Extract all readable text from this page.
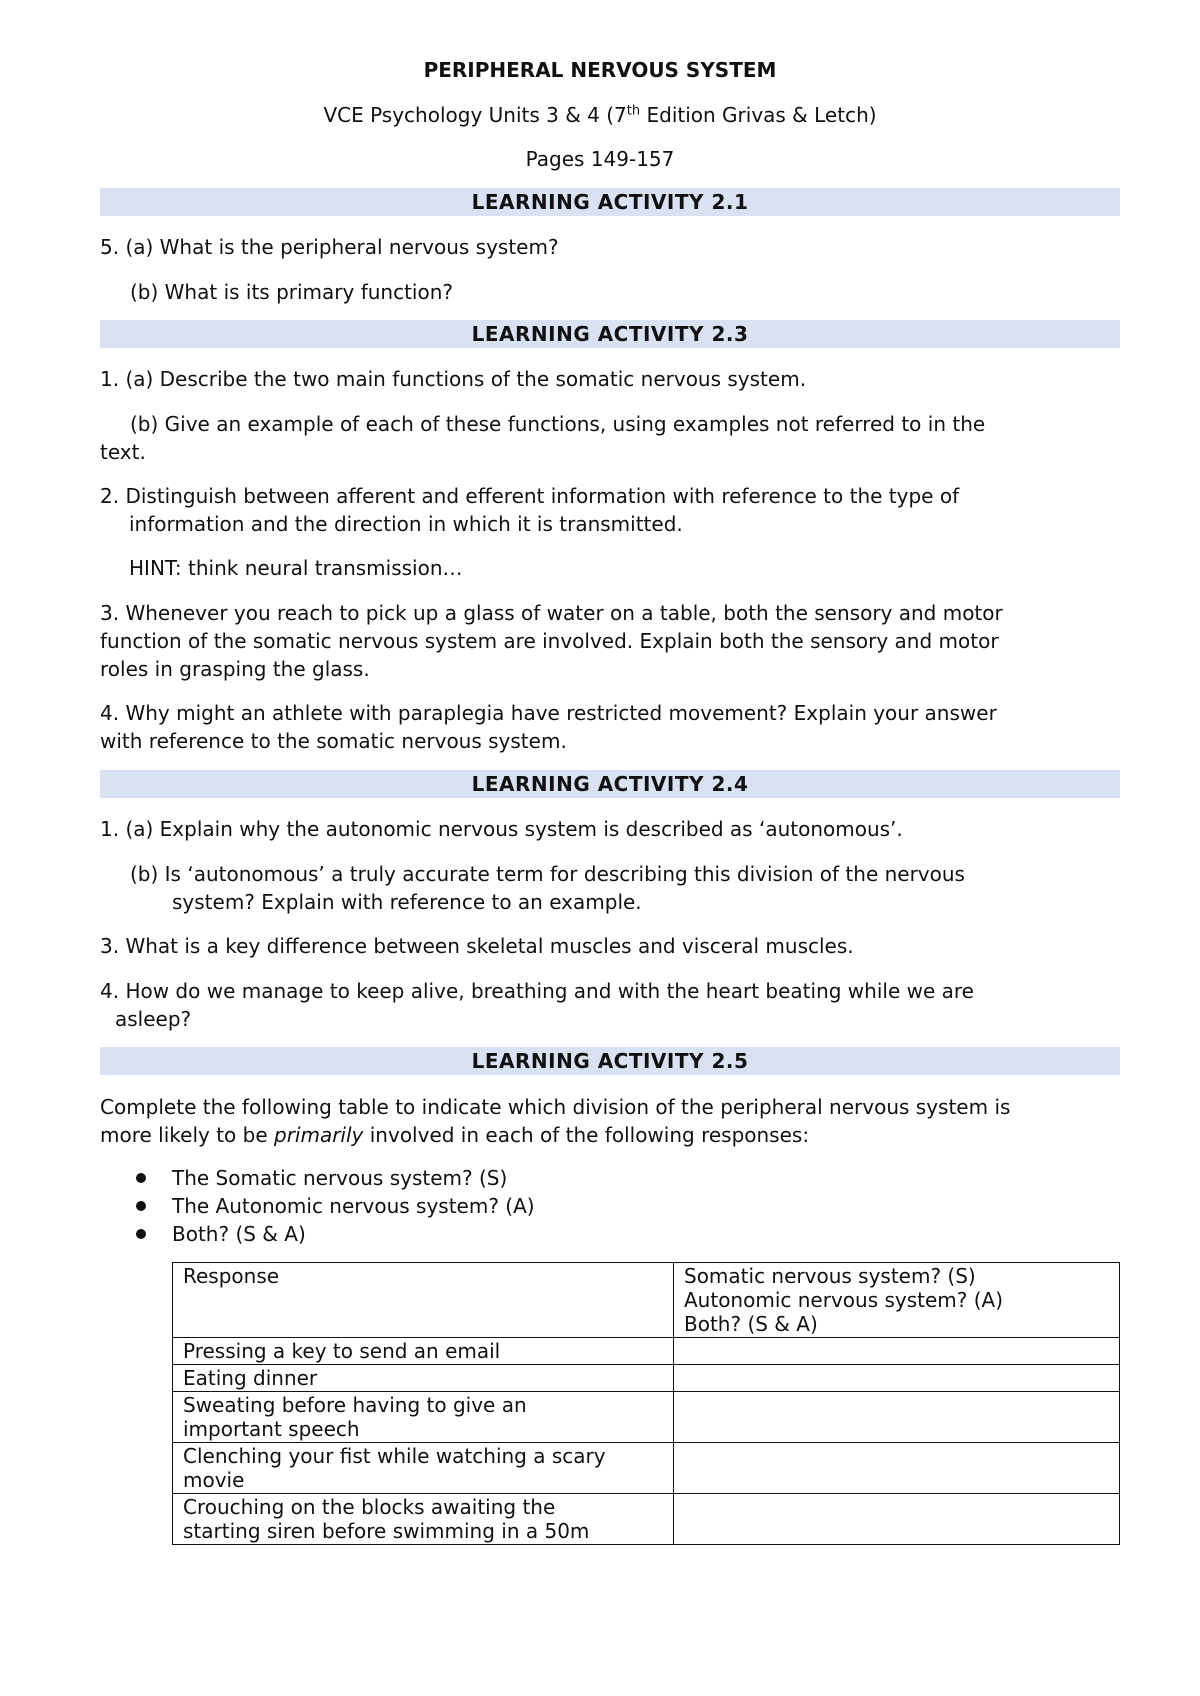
PERIPHERAL NERVOUS SYSTEM
VCE Psychology Units 3 & 4 (7th Edition Grivas & Letch)
Pages 149-157
LEARNING ACTIVITY 2.1
5. (a) What is the peripheral nervous system?
(b) What is its primary function?
LEARNING ACTIVITY 2.3
1. (a) Describe the two main functions of the somatic nervous system.
(b) Give an example of each of these functions, using examples not referred to in the
text.
2. Distinguish between afferent and efferent information with reference to the type of
information and the direction in which it is transmitted.
HINT: think neural transmission…
3. Whenever you reach to pick up a glass of water on a table, both the sensory and motor
function of the somatic nervous system are involved. Explain both the sensory and motor
roles in grasping the glass.
4. Why might an athlete with paraplegia have restricted movement? Explain your answer
with reference to the somatic nervous system.
LEARNING ACTIVITY 2.4
1. (a) Explain why the autonomic nervous system is described as ‘autonomous’.
(b) Is ‘autonomous’ a truly accurate term for describing this division of the nervous
system? Explain with reference to an example.
3. What is a key difference between skeletal muscles and visceral muscles.
4. How do we manage to keep alive, breathing and with the heart beating while we are
asleep?
LEARNING ACTIVITY 2.5
Complete the following table to indicate which division of the peripheral nervous system is
more likely to be primarily involved in each of the following responses:
The Somatic nervous system? (S)
The Autonomic nervous system? (A)
Both? (S & A)
Response	Somatic nervous system? (S)
Autonomic nervous system? (A)
Both? (S & A)

Pressing a key to send an email	

Eating dinner	

Sweating before having to give an
important speech	

Clenching your fist while watching a scary
movie	

Crouching on the blocks awaiting the
starting siren before swimming in a 50m	
